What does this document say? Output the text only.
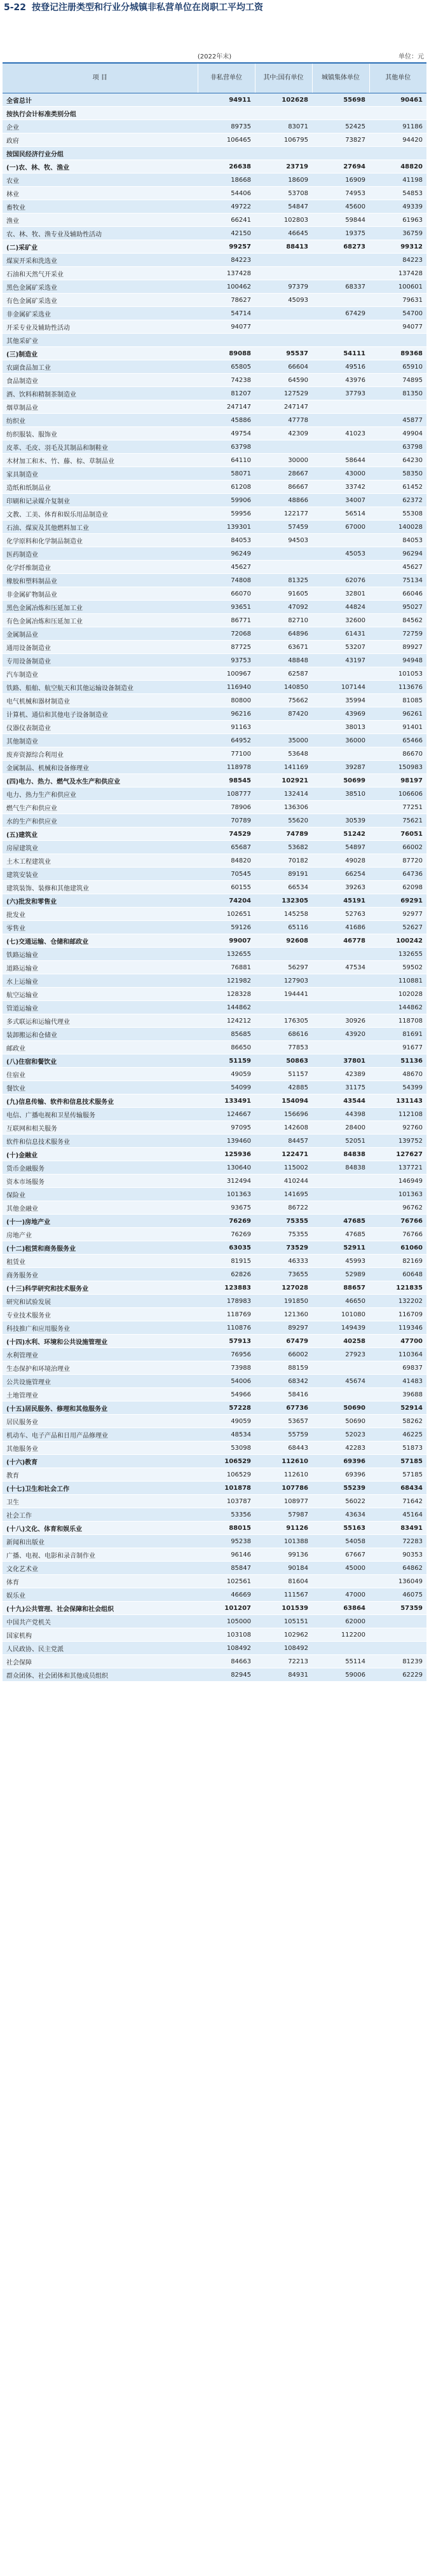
5-22 按登记注册类型和行业分城镇非私营单位在岗职工平均工资
(2022年末)	单位：元
项 目	非私营单位	其中:国有单位	城镇集体单位	其他单位

全省总计	94911	102628	55698	90461
按执行会计标准类别分组				
企业	89735	83071	52425	91186
政府	106465	106795	73827	94420
按国民经济行业分组				
(一)农、林、牧、渔业	26638	23719	27694	48820
农业	18668	18609	16909	41198
林业	54406	53708	74953	54853
畜牧业	49722	54847	45600	49339
渔业	66241	102803	59844	61963
农、林、牧、渔专业及辅助性活动	42150	46645	19375	36759
(二)采矿业	99257	88413	68273	99312
煤炭开采和洗选业	84223			84223
石油和天然气开采业	137428			137428
黑色金属矿采选业	100462	97379	68337	100601
有色金属矿采选业	78627	45093		79631
非金属矿采选业	54714		67429	54700
开采专业及辅助性活动	94077			94077
其他采矿业				
(三)制造业	89088	95537	54111	89368
农副食品加工业	65805	66604	49516	65910
食品制造业	74238	64590	43976	74895
酒、饮料和精制茶制造业	81207	127529	37793	81350
烟草制品业	247147	247147		
纺织业	45886	47778		45877
纺织服装、服饰业	49754	42309	41023	49904
皮革、毛皮、羽毛及其制品和制鞋业	63798			63798
木材加工和木、竹、藤、棕、草制品业	64110	30000	58644	64230
家具制造业	58071	28667	43000	58350
造纸和纸制品业	61208	86667	33742	61452
印刷和记录媒介复制业	59906	48866	34007	62372
文教、工美、体育和娱乐用品制造业	59956	122177	56514	55308
石油、煤炭及其他燃料加工业	139301	57459	67000	140028
化学原料和化学制品制造业	84053	94503		84053
医药制造业	96249		45053	96294
化学纤维制造业	45627			45627
橡胶和塑料制品业	74808	81325	62076	75134
非金属矿物制品业	66070	91605	32801	66046
黑色金属冶炼和压延加工业	93651	47092	44824	95027
有色金属冶炼和压延加工业	86771	82710	32600	84562
金属制品业	72068	64896	61431	72759
通用设备制造业	87725	63671	53207	89927
专用设备制造业	93753	48848	43197	94948
汽车制造业	100967	62587		101053
铁路、船舶、航空航天和其他运输设备制造业	116940	140850	107144	113676
电气机械和器材制造业	80800	75662	35994	81085
计算机、通信和其他电子设备制造业	96216	87420	43969	96261
仪器仪表制造业	91163		38013	91401
其他制造业	64952	35000	36000	65466
废弃资源综合利用业	77100	53648		86670
金属制品、机械和设备修理业	118978	141169	39287	150983
(四)电力、热力、燃气及水生产和供应业	98545	102921	50699	98197
电力、热力生产和供应业	108777	132414	38510	106606
燃气生产和供应业	78906	136306		77251
水的生产和供应业	70789	55620	30539	75621
(五)建筑业	74529	74789	51242	76051
房屋建筑业	65687	53682	54897	66002
土木工程建筑业	84820	70182	49028	87720
建筑安装业	70545	89191	66254	64736
建筑装饰、装修和其他建筑业	60155	66534	39263	62098
(六)批发和零售业	74204	132305	45191	69291
批发业	102651	145258	52763	92977
零售业	59126	65116	41686	52627
(七)交通运输、仓储和邮政业	99007	92608	46778	100242
铁路运输业	132655			132655
道路运输业	76881	56297	47534	59502
水上运输业	121982	127903		110881
航空运输业	128328	194441		102028
管道运输业	144862			144862
多式联运和运输代理业	124212	176305	30926	118708
装卸搬运和仓储业	85685	68616	43920	81691
邮政业	86650	77853		91677
(八)住宿和餐饮业	51159	50863	37801	51136
住宿业	49059	51157	42389	48670
餐饮业	54099	42885	31175	54399
(九)信息传输、软件和信息技术服务业	133491	154094	43544	131143
电信、广播电视和卫星传输服务	124667	156696	44398	112108
互联网和相关服务	97095	142608	28400	92760
软件和信息技术服务业	139460	84457	52051	139752
(十)金融业	125936	122471	84838	127627
货币金融服务	130640	115002	84838	137721
资本市场服务	312494	410244		146949
保险业	101363	141695		101363
其他金融业	93675	86722		96762
(十一)房地产业	76269	75355	47685	76766
房地产业	76269	75355	47685	76766
(十二)租赁和商务服务业	63035	73529	52911	61060
租赁业	81915	46333	45993	82169
商务服务业	62826	73655	52989	60648
(十三)科学研究和技术服务业	123883	127028	88657	121835
研究和试验发展	178983	191850	46650	132202
专业技术服务业	118769	121360	101080	116709
科技推广和应用服务业	110876	89297	149439	119346
(十四)水利、环境和公共设施管理业	57913	67479	40258	47700
水利管理业	76956	66002	27923	110364
生态保护和环境治理业	73988	88159		69837
公共设施管理业	54006	68342	45674	41483
土地管理业	54966	58416		39688
(十五)居民服务、修理和其他服务业	57228	67736	50690	52914
居民服务业	49059	53657	50690	58262
机动车、电子产品和日用产品修理业	48534	55759	52023	46225
其他服务业	53098	68443	42283	51873
(十六)教育	106529	112610	69396	57185
教育	106529	112610	69396	57185
(十七)卫生和社会工作	101878	107786	55239	68434
卫生	103787	108977	56022	71642
社会工作	53356	57987	43634	45164
(十八)文化、体育和娱乐业	88015	91126	55163	83491
新闻和出版业	95238	101388	54058	72283
广播、电视、电影和录音制作业	96146	99136	67667	90353
文化艺术业	85847	90184	45000	64862
体育	102561	81604		136049
娱乐业	46669	111567	47000	46075
(十九)公共管理、社会保障和社会组织	101207	101539	63864	57359
中国共产党机关	105000	105151	62000	
国家机构	103108	102962	112200	
人民政协、民主党派	108492	108492		
社会保障	84663	72213	55114	81239
群众团体、社会团体和其他成员组织	82945	84931	59006	62229
